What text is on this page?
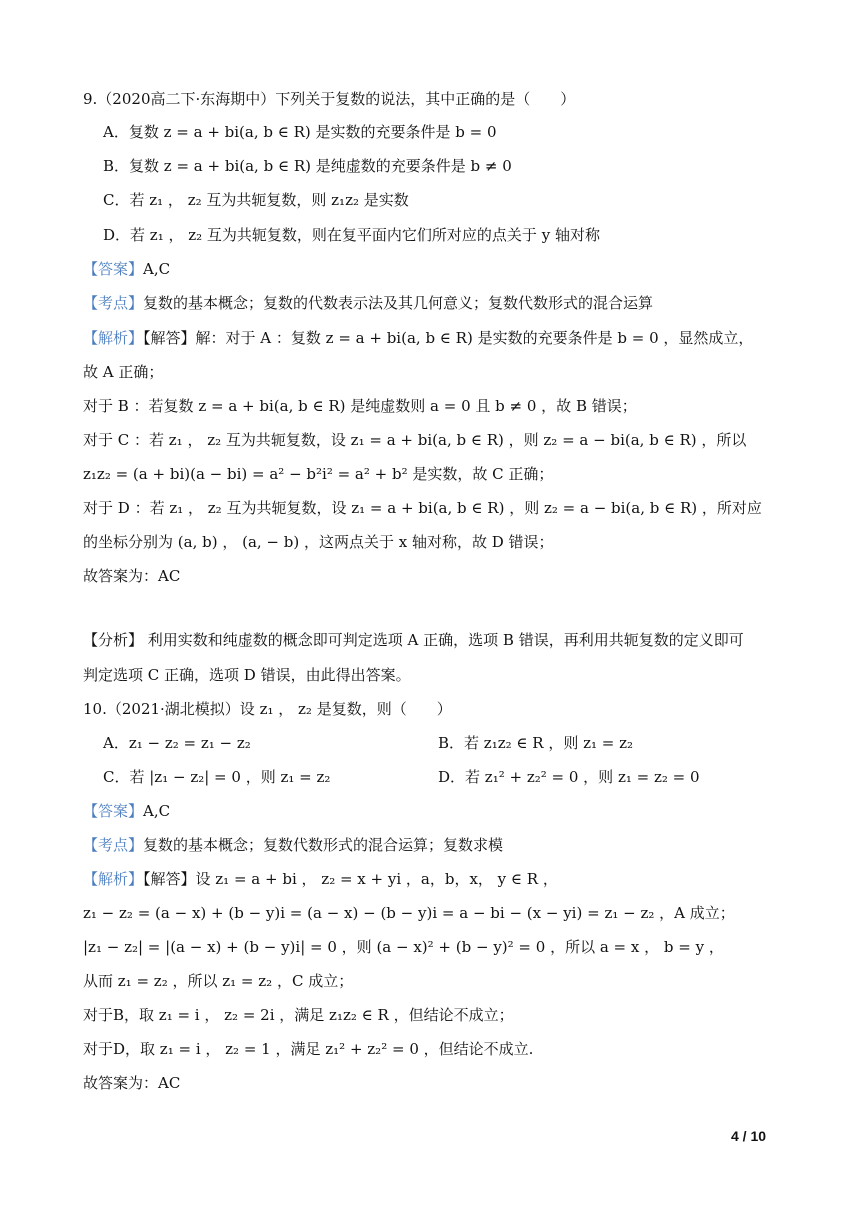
9.（2020高二下·东海期中）下列关于复数的说法，其中正确的是（　　）
A．复数 z = a + bi(a, b ∈ R) 是实数的充要条件是 b = 0
B．复数 z = a + bi(a, b ∈ R) 是纯虚数的充要条件是 b ≠ 0
C．若 z₁ ， z₂ 互为共轭复数，则 z₁z₂ 是实数
D．若 z₁ ， z₂ 互为共轭复数，则在复平面内它们所对应的点关于 y 轴对称
【答案】A,C
【考点】复数的基本概念；复数的代数表示法及其几何意义；复数代数形式的混合运算
【解析】【解答】解：对于 A ：复数 z = a + bi(a, b ∈ R) 是实数的充要条件是 b = 0 ，显然成立，
故 A 正确；
对于 B ：若复数 z = a + bi(a, b ∈ R) 是纯虚数则 a = 0 且 b ≠ 0 ，故 B 错误；
对于 C ：若 z₁ ， z₂ 互为共轭复数，设 z₁ = a + bi(a, b ∈ R) ，则 z₂ = a − bi(a, b ∈ R) ，所以
z₁z₂ = (a + bi)(a − bi) = a² − b²i² = a² + b² 是实数，故 C 正确；
对于 D ：若 z₁ ， z₂ 互为共轭复数，设 z₁ = a + bi(a, b ∈ R) ，则 z₂ = a − bi(a, b ∈ R) ，所对应
的坐标分别为 (a, b) ， (a, − b) ，这两点关于 x 轴对称，故 D 错误；
故答案为：AC
【分析】 利用实数和纯虚数的概念即可判定选项 A 正确，选项 B 错误，再利用共轭复数的定义即可
判定选项 C 正确，选项 D 错误，由此得出答案。
10.（2021·湖北模拟）设 z₁ ， z₂ 是复数，则（　　）
A．z₁ − z₂ = z₁ − z₂	B．若 z₁z₂ ∈ R ，则 z₁ = z₂
C．若 |z₁ − z₂| = 0 ，则 z₁ = z₂	D．若 z₁² + z₂² = 0 ，则 z₁ = z₂ = 0
【答案】A,C
【考点】复数的基本概念；复数代数形式的混合运算；复数求模
【解析】【解答】设 z₁ = a + bi ， z₂ = x + yi ，a，b，x， y ∈ R ，
z₁ − z₂ = (a − x) + (b − y)i = (a − x) − (b − y)i = a − bi − (x − yi) = z₁ − z₂ ，A 成立；
|z₁ − z₂| = |(a − x) + (b − y)i| = 0 ，则 (a − x)² + (b − y)² = 0 ，所以 a = x ， b = y ，
从而 z₁ = z₂ ，所以 z₁ = z₂ ，C 成立；
对于B，取 z₁ = i ， z₂ = 2i ，满足 z₁z₂ ∈ R ，但结论不成立；
对于D，取 z₁ = i ， z₂ = 1 ，满足 z₁² + z₂² = 0 ，但结论不成立.
故答案为：AC
4 / 10
